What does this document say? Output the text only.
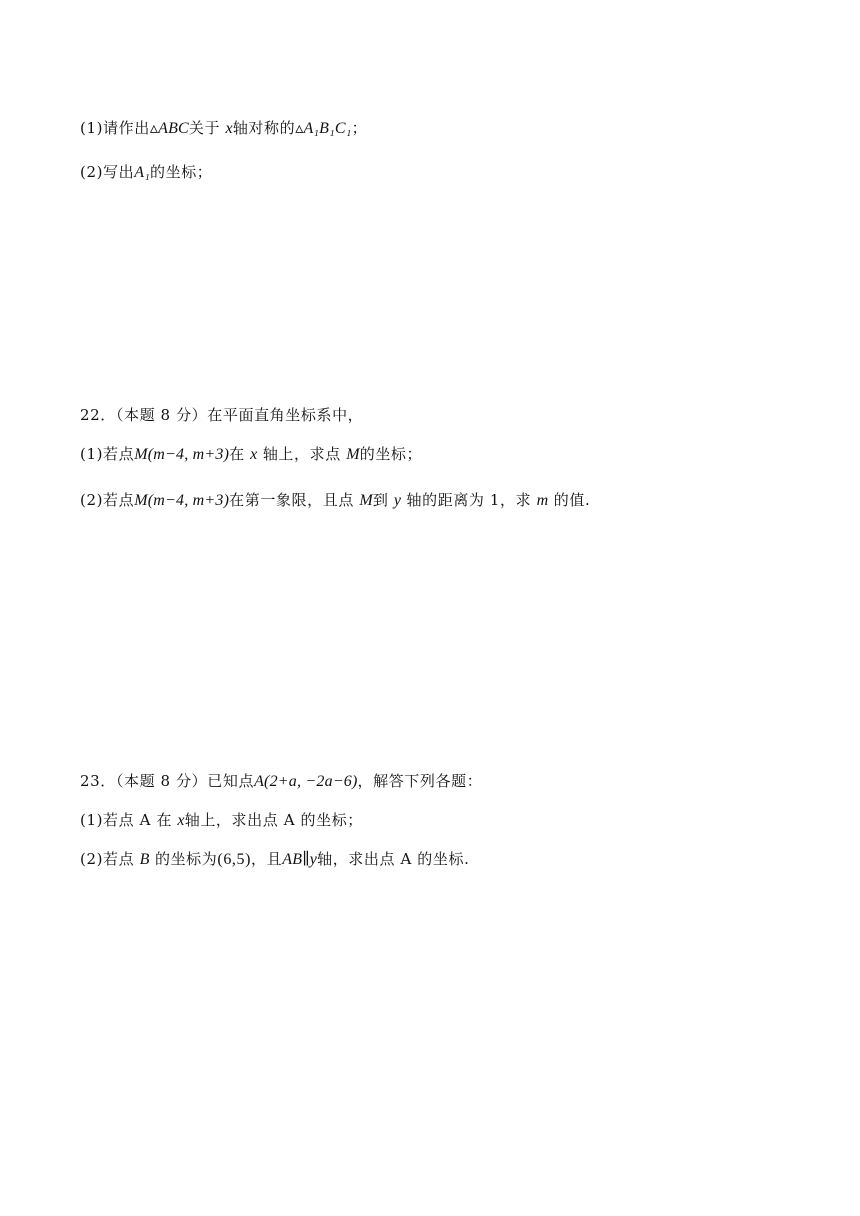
(1)请作出▵ABC关于 x轴对称的▵A₁B₁C₁；
(2)写出A₁的坐标；
22．（本题 8 分）在平面直角坐标系中，
(1)若点M(m−4, m+3)在 x 轴上，求点 M的坐标；
(2)若点M(m−4, m+3)在第一象限，且点 M到 y 轴的距离为 1，求 m 的值.
23．（本题 8 分）已知点A(2+a, −2a−6)，解答下列各题：
(1)若点 A 在 x轴上，求出点 A 的坐标；
(2)若点 B 的坐标为(6,5)，且AB∥y轴，求出点 A 的坐标.
